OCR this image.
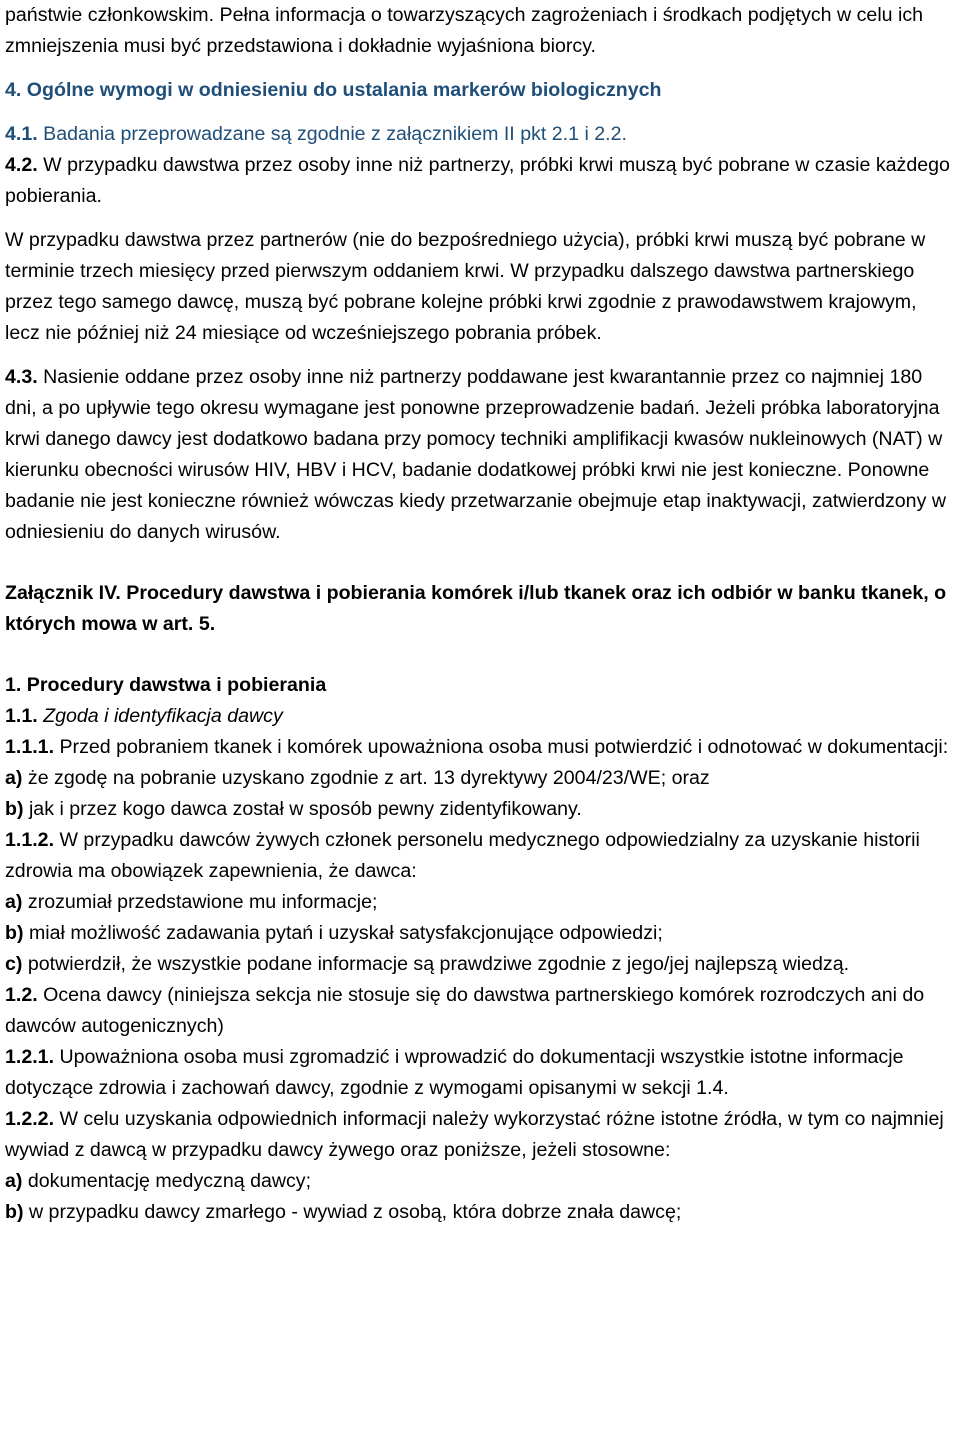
państwie członkowskim. Pełna informacja o towarzyszących zagrożeniach i środkach podjętych w celu ich zmniejszenia musi być przedstawiona i dokładnie wyjaśniona biorcy.

4. Ogólne wymogi w odniesieniu do ustalania markerów biologicznych

4.1. Badania przeprowadzane są zgodnie z załącznikiem II pkt 2.1 i 2.2.

4.2. W przypadku dawstwa przez osoby inne niż partnerzy, próbki krwi muszą być pobrane w czasie każdego pobierania.

W przypadku dawstwa przez partnerów (nie do bezpośredniego użycia), próbki krwi muszą być pobrane w terminie trzech miesięcy przed pierwszym oddaniem krwi. W przypadku dalszego dawstwa partnerskiego przez tego samego dawcę, muszą być pobrane kolejne próbki krwi zgodnie z prawodawstwem krajowym, lecz nie później niż 24 miesiące od wcześniejszego pobrania próbek.

4.3. Nasienie oddane przez osoby inne niż partnerzy poddawane jest kwarantannie przez co najmniej 180 dni, a po upływie tego okresu wymagane jest ponowne przeprowadzenie badań. Jeżeli próbka laboratoryjna krwi danego dawcy jest dodatkowo badana przy pomocy techniki amplifikacji kwasów nukleinowych (NAT) w kierunku obecności wirusów HIV, HBV i HCV, badanie dodatkowej próbki krwi nie jest konieczne. Ponowne badanie nie jest konieczne również wówczas kiedy przetwarzanie obejmuje etap inaktywacji, zatwierdzony w odniesieniu do danych wirusów.

Załącznik IV. Procedury dawstwa i pobierania komórek i/lub tkanek oraz ich odbiór w banku tkanek, o których mowa w art. 5.

1. Procedury dawstwa i pobierania

1.1. Zgoda i identyfikacja dawcy

1.1.1. Przed pobraniem tkanek i komórek upoważniona osoba musi potwierdzić i odnotować w dokumentacji:

a) że zgodę na pobranie uzyskano zgodnie z art. 13 dyrektywy 2004/23/WE; oraz

b) jak i przez kogo dawca został w sposób pewny zidentyfikowany.

1.1.2. W przypadku dawców żywych członek personelu medycznego odpowiedzialny za uzyskanie historii zdrowia ma obowiązek zapewnienia, że dawca:

a) zrozumiał przedstawione mu informacje;

b) miał możliwość zadawania pytań i uzyskał satysfakcjonujące odpowiedzi;

c) potwierdził, że wszystkie podane informacje są prawdziwe zgodnie z jego/jej najlepszą wiedzą.

1.2. Ocena dawcy (niniejsza sekcja nie stosuje się do dawstwa partnerskiego komórek rozrodczych ani do dawców autogenicznych)

1.2.1. Upoważniona osoba musi zgromadzić i wprowadzić do dokumentacji wszystkie istotne informacje dotyczące zdrowia i zachowań dawcy, zgodnie z wymogami opisanymi w sekcji 1.4.

1.2.2. W celu uzyskania odpowiednich informacji należy wykorzystać różne istotne źródła, w tym co najmniej wywiad z dawcą w przypadku dawcy żywego oraz poniższe, jeżeli stosowne:

a) dokumentację medyczną dawcy;

b) w przypadku dawcy zmarłego - wywiad z osobą, która dobrze znała dawcę;
